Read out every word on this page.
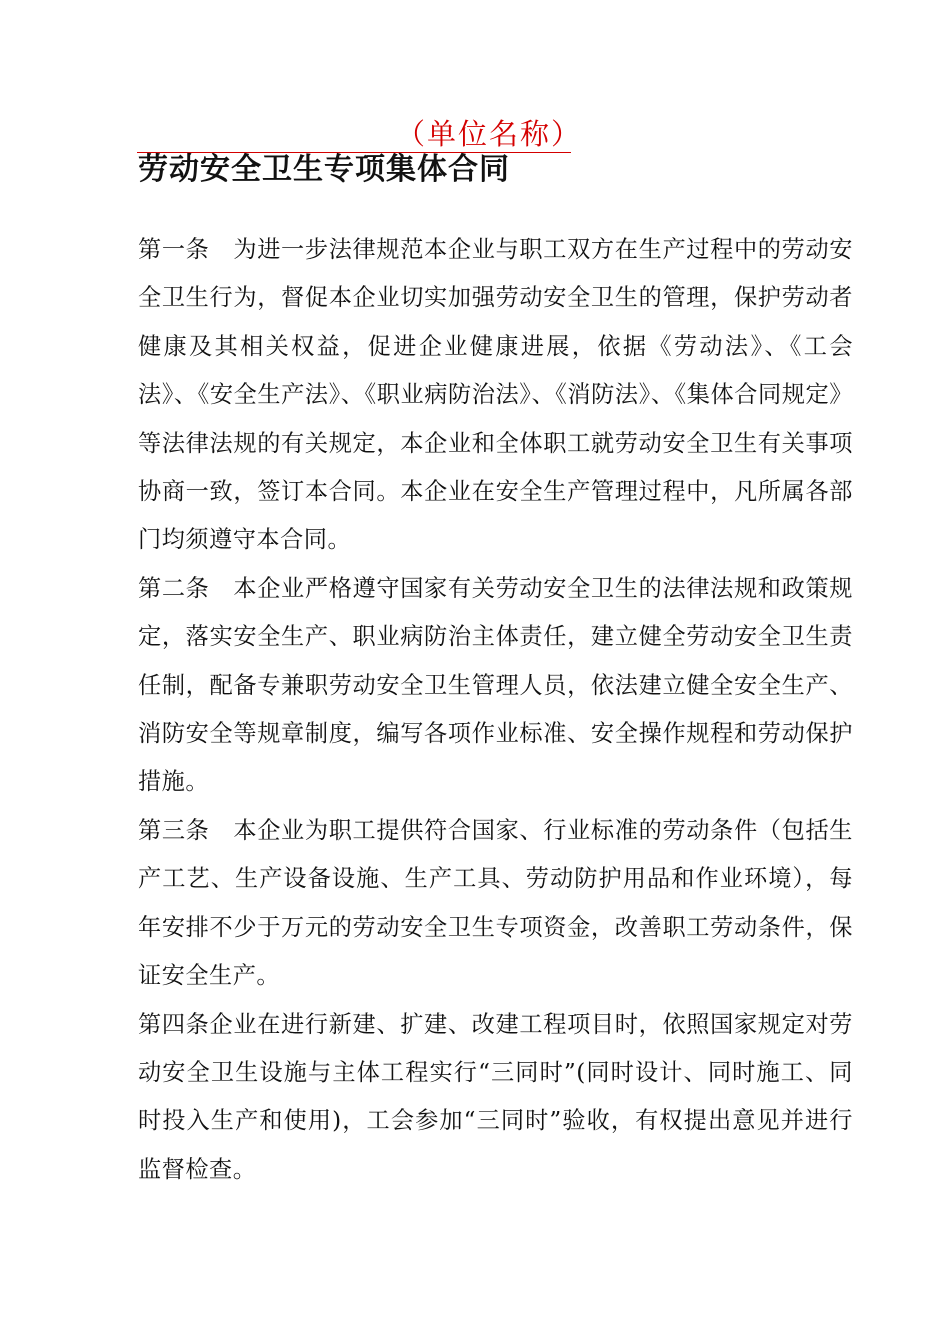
（单位名称）
劳动安全卫生专项集体合同

第一条　为进一步法律规范本企业与职工双方在生产过程中的劳动安全卫生行为，督促本企业切实加强劳动安全卫生的管理，保护劳动者健康及其相关权益，促进企业健康进展，依据《劳动法》、《工会法》、《安全生产法》、《职业病防治法》、《消防法》、《集体合同规定》等法律法规的有关规定，本企业和全体职工就劳动安全卫生有关事项协商一致，签订本合同。本企业在安全生产管理过程中，凡所属各部门均须遵守本合同。

第二条　本企业严格遵守国家有关劳动安全卫生的法律法规和政策规定，落实安全生产、职业病防治主体责任，建立健全劳动安全卫生责任制，配备专兼职劳动安全卫生管理人员，依法建立健全安全生产、消防安全等规章制度，编写各项作业标准、安全操作规程和劳动保护措施。

第三条　本企业为职工提供符合国家、行业标准的劳动条件（包括生产工艺、生产设备设施、生产工具、劳动防护用品和作业环境），每年安排不少于万元的劳动安全卫生专项资金，改善职工劳动条件，保证安全生产。

第四条企业在进行新建、扩建、改建工程项目时，依照国家规定对劳动安全卫生设施与主体工程实行“三同时”(同时设计、同时施工、同时投入生产和使用)，工会参加“三同时”验收，有权提出意见并进行监督检查。
